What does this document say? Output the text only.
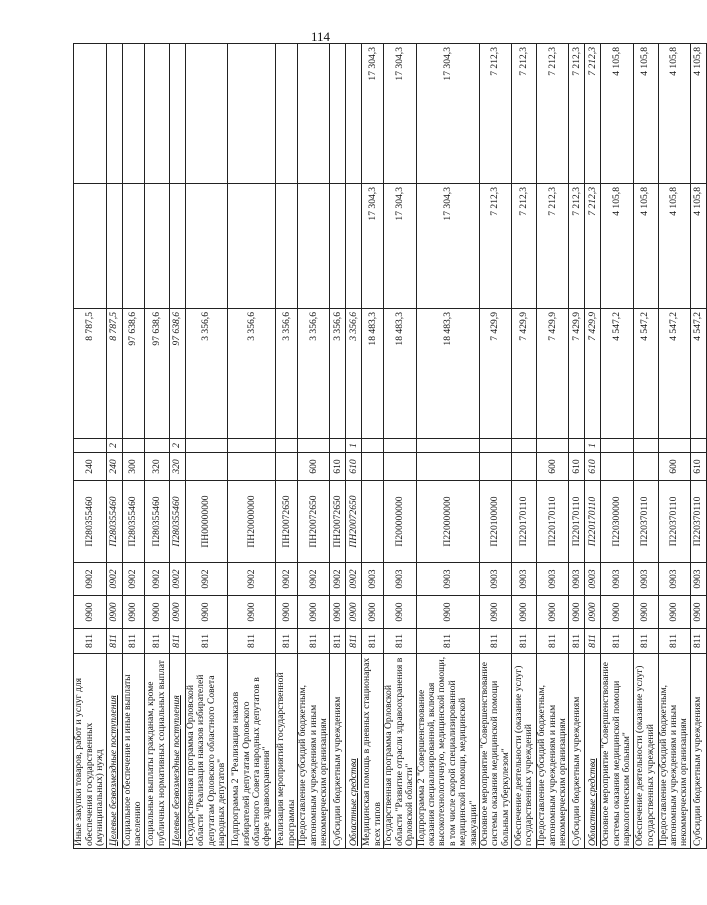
114
Иные закупки товаров, работ и услуг для обеспечения государственных (муниципальных) нужд	811	0900	0902	П280355460	240		8 787,5		
Целевые безвозмездные поступления	811	0900	0902	П280355460	240	2	8 787,5		
Социальное обеспечение и иные выплаты населению	811	0900	0902	П280355460	300		97 638,6		
Социальные выплаты гражданам, кроме публичных нормативных социальных выплат	811	0900	0902	П280355460	320		97 638,6		
Целевые безвозмездные поступления	811	0900	0902	П280355460	320	2	97 638,6		
Государственная программа Орловской области "Реализация наказов избирателей депутатам Орловского областного Совета народных депутатов"	811	0900	0902	ПН00000000			3 356,6		
Подпрограмма 2 "Реализация наказов избирателей депутатам Орловского областного Совета народных депутатов в сфере здравоохранения"	811	0900	0902	ПН20000000			3 356,6		
Реализация мероприятий государственной программы	811	0900	0902	ПН20072650			3 356,6		
Предоставление субсидий бюджетным, автономным учреждениям и иным некоммерческим организациям	811	0900	0902	ПН20072650	600		3 356,6		
Субсидии бюджетным учреждениям	811	0900	0902	ПН20072650	610		3 356,6		
Областные средства	811	0900	0902	ПН20072650	610	1	3 356,6		
Медицинская помощь в дневных стационарах всех типов	811	0900	0903				18 483,3	17 304,3	17 304,3
Государственная программа Орловской области "Развитие отрасли здравоохранения в Орловской области"	811	0900	0903	П200000000			18 483,3	17 304,3	17 304,3
Подпрограмма 2 "Совершенствование оказания специализированной, включая высокотехнологичную, медицинской помощи, в том числе скорой специализированной медицинской помощи, медицинской эвакуации"	811	0900	0903	П220000000			18 483,3	17 304,3	17 304,3
Основное мероприятие "Совершенствование системы оказания медицинской помощи больным туберкулезом"	811	0900	0903	П220100000			7 429,9	7 212,3	7 212,3
Обеспечение деятельности (оказание услуг) государственных учреждений	811	0900	0903	П220170110			7 429,9	7 212,3	7 212,3
Предоставление субсидий бюджетным, автономным учреждениям и иным некоммерческим организациям	811	0900	0903	П220170110	600		7 429,9	7 212,3	7 212,3
Субсидии бюджетным учреждениям	811	0900	0903	П220170110	610		7 429,9	7 212,3	7 212,3
Областные средства	811	0900	0903	П220170110	610	1	7 429,9	7 212,3	7 212,3
Основное мероприятие "Совершенствование системы оказания медицинской помощи наркологическим больным"	811	0900	0903	П220300000			4 547,2	4 105,8	4 105,8
Обеспечение деятельности (оказание услуг) государственных учреждений	811	0900	0903	П220370110			4 547,2	4 105,8	4 105,8
Предоставление субсидий бюджетным, автономным учреждениям и иным некоммерческим организациям	811	0900	0903	П220370110	600		4 547,2	4 105,8	4 105,8
Субсидии бюджетным учреждениям	811	0900	0903	П220370110	610		4 547,2	4 105,8	4 105,8
